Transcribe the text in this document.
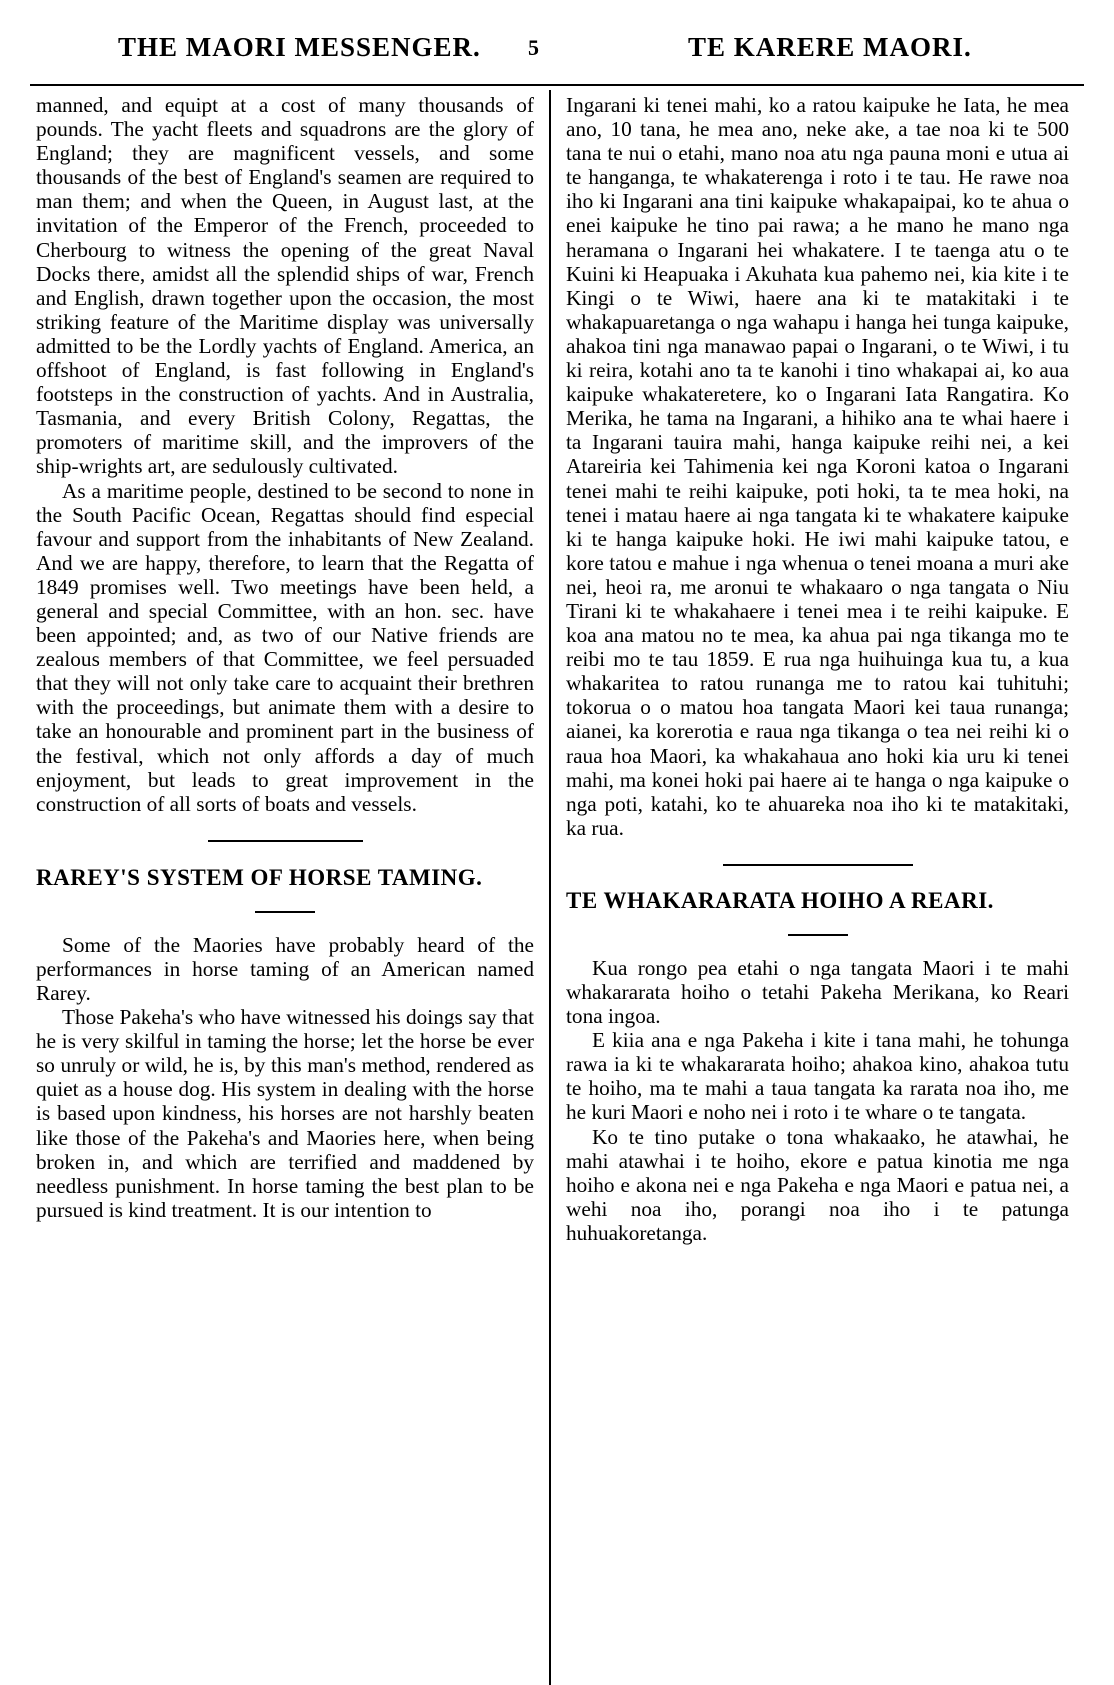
THE MAORI MESSENGER. 5	TE KARERE MAORI.

manned, and equipt at a cost of many thousands of pounds. The yacht fleets and squadrons are the glory of England; they are magnificent vessels, and some thousands of the best of England's seamen are required to man them; and when the Queen, in August last, at the invitation of the Emperor of the French, proceeded to Cherbourg to witness the opening of the great Naval Docks there, amidst all the splendid ships of war, French and English, drawn together upon the occasion, the most striking feature of the Maritime display was universally admitted to be the Lordly yachts of England. America, an offshoot of England, is fast following in England's footsteps in the construction of yachts. And in Australia, Tasmania, and every British Colony, Regattas, the promoters of maritime skill, and the improvers of the ship-wrights art, are sedulously cultivated.

As a maritime people, destined to be second to none in the South Pacific Ocean, Regattas should find especial favour and support from the inhabitants of New Zealand. And we are happy, therefore, to learn that the Regatta of 1849 promises well. Two meetings have been held, a general and special Committee, with an hon. sec. have been appointed; and, as two of our Native friends are zealous members of that Committee, we feel persuaded that they will not only take care to acquaint their brethren with the proceedings, but animate them with a desire to take an honourable and prominent part in the business of the festival, which not only affords a day of much enjoyment, but leads to great improvement in the construction of all sorts of boats and vessels.

RAREY'S SYSTEM OF HORSE TAMING.

Some of the Maories have probably heard of the performances in horse taming of an American named Rarey.

Those Pakeha's who have witnessed his doings say that he is very skilful in taming the horse; let the horse be ever so unruly or wild, he is, by this man's method, rendered as quiet as a house dog. His system in dealing with the horse is based upon kindness, his horses are not harshly beaten like those of the Pakeha's and Maories here, when being broken in, and which are terrified and maddened by needless punishment. In horse taming the best plan to be pursued is kind treatment. It is our intention to

Ingarani ki tenei mahi, ko a ratou kaipuke he Iata, he mea ano, 10 tana, he mea ano, neke ake, a tae noa ki te 500 tana te nui o etahi, mano noa atu nga pauna moni e utua ai te hanganga, te whakaterenga i roto i te tau. He rawe noa iho ki Ingarani ana tini kaipuke whakapaipai, ko te ahua o enei kaipuke he tino pai rawa; a he mano he mano nga heramana o Ingarani hei whakatere. I te taenga atu o te Kuini ki Heapuaka i Akuhata kua pahemo nei, kia kite i te Kingi o te Wiwi, haere ana ki te matakitaki i te whakapuaretanga o nga wahapu i hanga hei tunga kaipuke, ahakoa tini nga manawao papai o Ingarani, o te Wiwi, i tu ki reira, kotahi ano ta te kanohi i tino whakapai ai, ko aua kaipuke whakateretere, ko o Ingarani Iata Rangatira. Ko Merika, he tama na Ingarani, a hihiko ana te whai haere i ta Ingarani tauira mahi, hanga kaipuke reihi nei, a kei Atareiria kei Tahimenia kei nga Koroni katoa o Ingarani tenei mahi te reihi kaipuke, poti hoki, ta te mea hoki, na tenei i matau haere ai nga tangata ki te whakatere kaipuke ki te hanga kaipuke hoki. He iwi mahi kaipuke tatou, e kore tatou e mahue i nga whenua o tenei moana a muri ake nei, heoi ra, me aronui te whakaaro o nga tangata o Niu Tirani ki te whakahaere i tenei mea i te reihi kaipuke. E koa ana matou no te mea, ka ahua pai nga tikanga mo te reibi mo te tau 1859. E rua nga huihuinga kua tu, a kua whakaritea to ratou runanga me to ratou kai tuhituhi; tokorua o o matou hoa tangata Maori kei taua runanga; aianei, ka korerotia e raua nga tikanga o tea nei reihi ki o raua hoa Maori, ka whakahaua ano hoki kia uru ki tenei mahi, ma konei hoki pai haere ai te hanga o nga kaipuke o nga poti, katahi, ko te ahuareka noa iho ki te matakitaki, ka rua.

TE WHAKARARATA HOIHO A REARI.

Kua rongo pea etahi o nga tangata Maori i te mahi whakararata hoiho o tetahi Pakeha Merikana, ko Reari tona ingoa.

E kiia ana e nga Pakeha i kite i tana mahi, he tohunga rawa ia ki te whakararata hoiho; ahakoa kino, ahakoa tutu te hoiho, ma te mahi a taua tangata ka rarata noa iho, me he kuri Maori e noho nei i roto i te whare o te tangata.

Ko te tino putake o tona whakaako, he atawhai, he mahi atawhai i te hoiho, ekore e patua kinotia me nga hoiho e akona nei e nga Pakeha e nga Maori e patua nei, a wehi noa iho, porangi noa iho i te patunga huhuakoretanga.
